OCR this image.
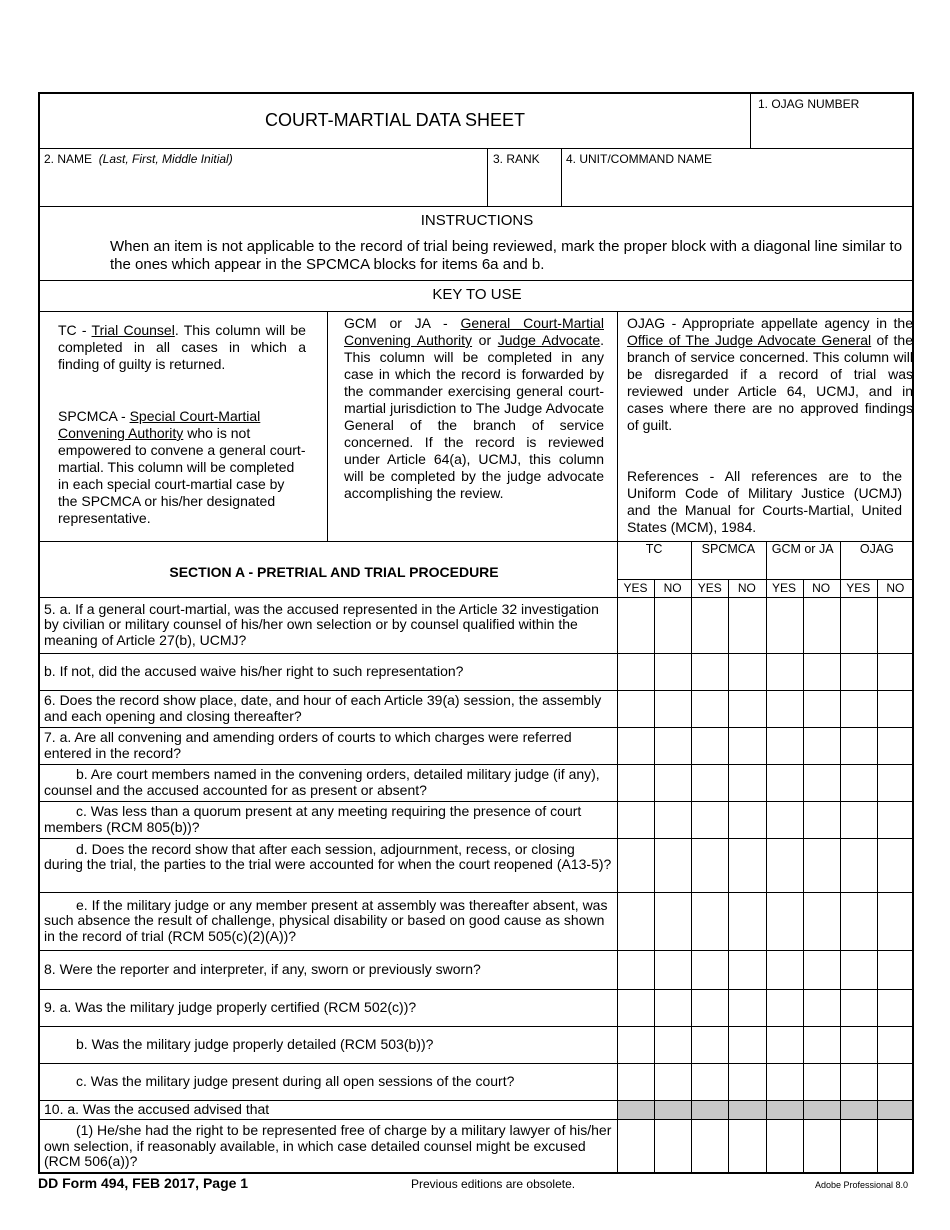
COURT-MARTIAL DATA SHEET
1. OJAG NUMBER
2. NAME (Last, First, Middle Initial)	3. RANK 4. UNIT/COMMAND NAME
INSTRUCTIONS
When an item is not applicable to the record of trial being reviewed, mark the proper block with a diagonal line similar to the ones which appear in the SPCMCA blocks for items 6a and b.
KEY TO USE
TC - Trial Counsel. This column will be completed in all cases in which a finding of guilty is returned.
SPCMCA - Special Court-Martial Convening Authority who is not empowered to convene a general court-martial. This column will be completed in each special court-martial case by the SPCMCA or his/her designated representative.
GCM or JA - General Court-Martial Convening Authority or Judge Advocate. This column will be completed in any case in which the record is forwarded by the commander exercising general court-martial jurisdiction to The Judge Advocate General of the branch of service concerned. If the record is reviewed under Article 64(a), UCMJ, this column will be completed by the judge advocate accomplishing the review.
OJAG - Appropriate appellate agency in the Office of The Judge Advocate General of the branch of service concerned. This column will be disregarded if a record of trial was reviewed under Article 64, UCMJ, and in cases where there are no approved findings of guilt.
References - All references are to the Uniform Code of Military Justice (UCMJ) and the Manual for Courts-Martial, United States (MCM), 1984.
SECTION A - PRETRIAL AND TRIAL PROCEDURE
TC	SPCMCA	GCM or JA	OJAG
YES	NO	YES	NO	YES	NO	YES	NO
5. a. If a general court-martial, was the accused represented in the Article 32 investigation by civilian or military counsel of his/her own selection or by counsel qualified within the meaning of Article 27(b), UCMJ?
b. If not, did the accused waive his/her right to such representation?
6. Does the record show place, date, and hour of each Article 39(a) session, the assembly and each opening and closing thereafter?
7. a. Are all convening and amending orders of courts to which charges were referred entered in the record?
b. Are court members named in the convening orders, detailed military judge (if any), counsel and the accused accounted for as present or absent?
c. Was less than a quorum present at any meeting requiring the presence of court members (RCM 805(b))?
d. Does the record show that after each session, adjournment, recess, or closing during the trial, the parties to the trial were accounted for when the court reopened (A13-5)?
e. If the military judge or any member present at assembly was thereafter absent, was such absence the result of challenge, physical disability or based on good cause as shown in the record of trial (RCM 505(c)(2)(A))?
8. Were the reporter and interpreter, if any, sworn or previously sworn?
9. a. Was the military judge properly certified (RCM 502(c))?
b. Was the military judge properly detailed (RCM 503(b))?
c. Was the military judge present during all open sessions of the court?
10. a. Was the accused advised that
(1) He/she had the right to be represented free of charge by a military lawyer of his/her own selection, if reasonably available, in which case detailed counsel might be excused (RCM 506(a))?
DD Form 494, FEB 2017, Page 1	Previous editions are obsolete.	Adobe Professional 8.0
